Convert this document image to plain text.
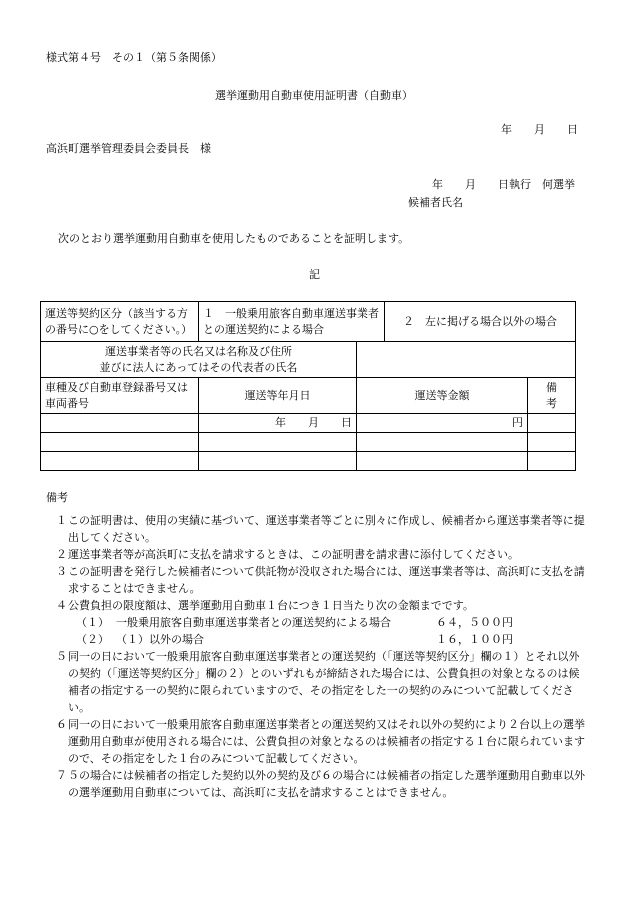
様式第４号　その１（第５条関係）
選挙運動用自動車使用証明書（自動車）
年　　月　　日
高浜町選挙管理委員会委員長　様
年　　月　　日執行　何選挙
候補者氏名
次のとおり選挙運動用自動車を使用したものであることを証明します。
記
運送等契約区分（該当する方の番号に○をしてください。）	１　一般乗用旅客自動車運送事業者との運送契約による場合		２　左に掲げる場合以外の場合	

運送事業者等の氏名又は名称及び住所
並びに法人にあってはその代表者の氏名				

車種及び自動車登録番号又は車両番号	運送等年月日	運送等金額		備　　考
	年　　月　　日	円		

備考
１ この証明書は、使用の実績に基づいて、運送事業者等ごとに別々に作成し、候補者から運送事業者等に提出してください。
２ 運送事業者等が高浜町に支払を請求するときは、この証明書を請求書に添付してください。
３ この証明書を発行した候補者について供託物が没収された場合には、運送事業者等は、高浜町に支払を請求することはできません。
４ 公費負担の限度額は、選挙運動用自動車１台につき１日当たり次の金額までです。
（１） 一般乗用旅客自動車運送事業者との運送契約による場合	６４，５００円
（２） （１）以外の場合	１６，１００円
５ 同一の日において一般乗用旅客自動車運送事業者との運送契約（「運送等契約区分」欄の１）とそれ以外の契約（「運送等契約区分」欄の２）とのいずれもが締結された場合には、公費負担の対象となるのは候補者の指定する一の契約に限られていますので、その指定をした一の契約のみについて記載してください。
６ 同一の日において一般乗用旅客自動車運送事業者との運送契約又はそれ以外の契約により２台以上の選挙運動用自動車が使用される場合には、公費負担の対象となるのは候補者の指定する１台に限られていますので、その指定をした１台のみについて記載してください。
７ ５の場合には候補者の指定した契約以外の契約及び６の場合には候補者の指定した選挙運動用自動車以外の選挙運動用自動車については、高浜町に支払を請求することはできません。
